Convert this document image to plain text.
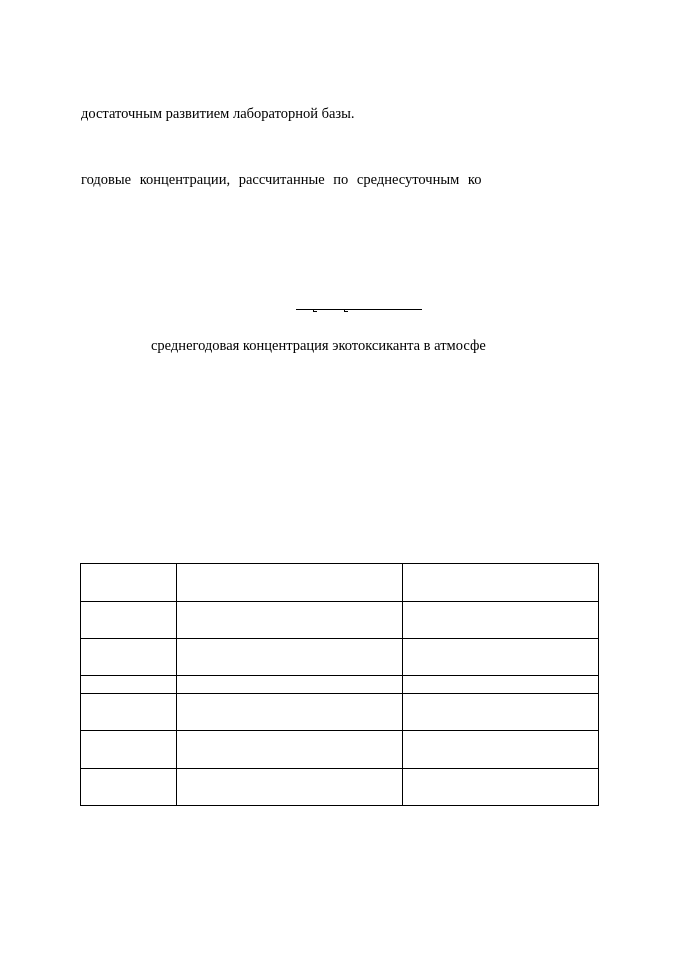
достаточным развитием лабораторной базы.
годовые концентрации, рассчитанные по среднесуточным ко
среднегодовая концентрация экотоксиканта в атмосфе
